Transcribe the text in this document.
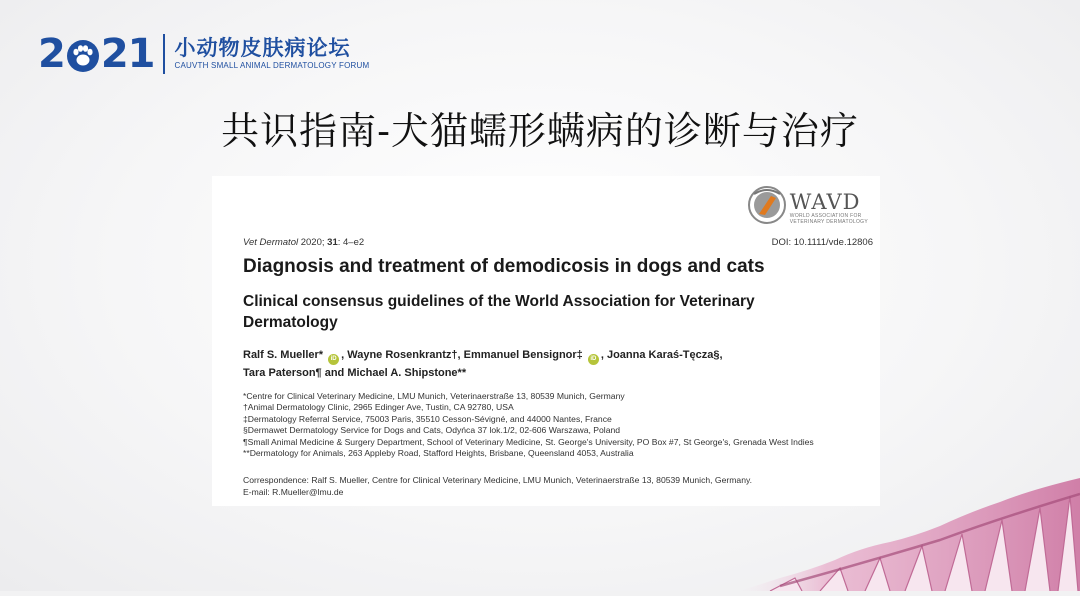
2 21 小动物皮肤病论坛
CAUVTH SMALL ANIMAL DERMATOLOGY FORUM
共识指南-犬猫蠕形螨病的诊断与治疗
WAVD
WORLD ASSOCIATION FOR
VETERINARY DERMATOLOGY
Vet Dermatol 2020; 31: 4–e2	DOI: 10.1111/vde.12806
Diagnosis and treatment of demodicosis in dogs and cats
Clinical consensus guidelines of the World Association for Veterinary Dermatology
Ralf S. Mueller* iD , Wayne Rosenkrantz†, Emmanuel Bensignor‡ iD , Joanna Karaś-Tęcza§,
Tara Paterson¶ and Michael A. Shipstone**
*Centre for Clinical Veterinary Medicine, LMU Munich, Veterinaerstraße 13, 80539 Munich, Germany
†Animal Dermatology Clinic, 2965 Edinger Ave, Tustin, CA 92780, USA
‡Dermatology Referral Service, 75003 Paris, 35510 Cesson-Sévigné, and 44000 Nantes, France
§Dermawet Dermatology Service for Dogs and Cats, Odyńca 37 lok.1/2, 02-606 Warszawa, Poland
¶Small Animal Medicine & Surgery Department, School of Veterinary Medicine, St. George's University, PO Box #7, St George's, Grenada West Indies
**Dermatology for Animals, 263 Appleby Road, Stafford Heights, Brisbane, Queensland 4053, Australia
Correspondence: Ralf S. Mueller, Centre for Clinical Veterinary Medicine, LMU Munich, Veterinaerstraße 13, 80539 Munich, Germany.
E-mail: R.Mueller@lmu.de
